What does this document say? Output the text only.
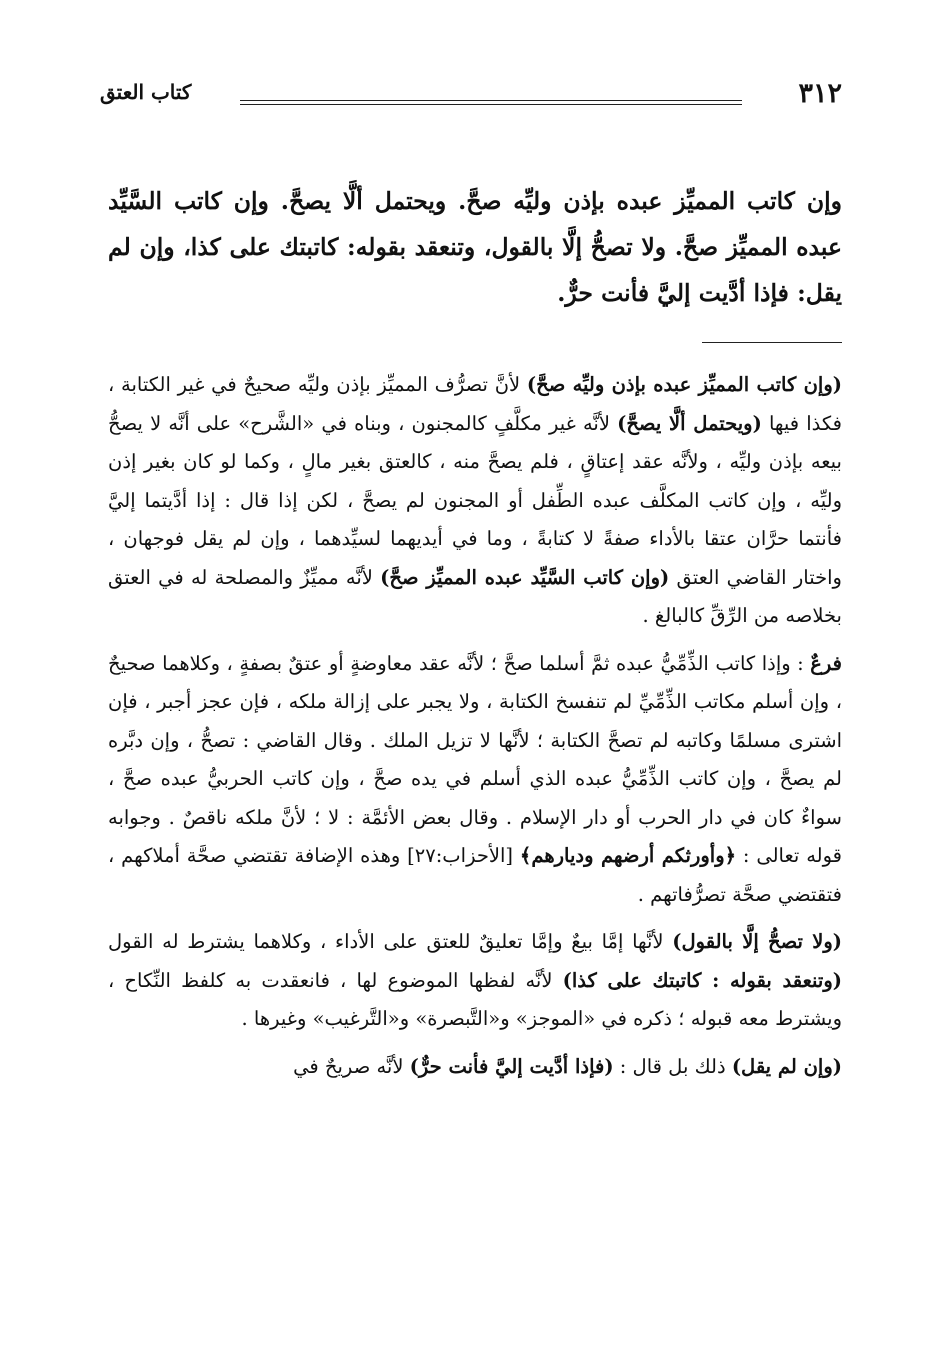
٣١٢
كتاب العتق
وإن كاتب المميِّز عبده بإذن وليِّه صحَّ. ويحتمل ألَّا يصحَّ. وإن كاتب السَّيِّد عبده المميِّز صحَّ. ولا تصحُّ إلَّا بالقول، وتنعقد بقوله: كاتبتك على كذا، وإن لم يقل: فإذا أدَّيت إليَّ فأنت حرٌّ.

(وإن كاتب المميِّز عبده بإذن وليِّه صحَّ) لأنَّ تصرُّف المميِّز بإذن وليِّه صحيحٌ في غير الكتابة ، فكذا فيها (ويحتمل ألَّا يصحَّ) لأنَّه غير مكلَّفٍ كالمجنون ، وبناه في «الشَّرح» على أنَّه لا يصحُّ بيعه بإذن وليِّه ، ولأنَّه عقد إعتاقٍ ، فلم يصحَّ منه ، كالعتق بغير مالٍ ، وكما لو كان بغير إذن وليِّه ، وإن كاتب المكلَّف عبده الطِّفل أو المجنون لم يصحَّ ، لكن إذا قال : إذا أدَّيتما إليَّ فأنتما حرَّان عتقا بالأداء صفةً لا كتابةً ، وما في أيديهما لسيِّدهما ، وإن لم يقل فوجهان ، واختار القاضي العتق (وإن كاتب السَّيِّد عبده المميِّز صحَّ) لأنَّه مميِّزٌ والمصلحة له في العتق بخلاصه من الرِّقِّ كالبالغ .

فرعٌ : وإذا كاتب الذِّمِّيُّ عبده ثمَّ أسلما صحَّ ؛ لأنَّه عقد معاوضةٍ أو عتقٌ بصفةٍ ، وكلاهما صحيحٌ ، وإن أسلم مكاتب الذِّمِّيِّ لم تنفسخ الكتابة ، ولا يجبر على إزالة ملكه ، فإن عجز أجبر ، فإن اشترى مسلمًا وكاتبه لم تصحَّ الكتابة ؛ لأنَّها لا تزيل الملك . وقال القاضي : تصحُّ ، وإن دبَّره لم يصحَّ ، وإن كاتب الذِّمِّيُّ عبده الذي أسلم في يده صحَّ ، وإن كاتب الحربيُّ عبده صحَّ ، سواءٌ كان في دار الحرب أو دار الإسلام . وقال بعض الأئمَّة : لا ؛ لأنَّ ملكه ناقصٌ . وجوابه قوله تعالى : ﴿وأورثكم أرضهم وديارهم﴾ [الأحزاب:٢٧] وهذه الإضافة تقتضي صحَّة أملاكهم ، فتقتضي صحَّة تصرُّفاتهم .

(ولا تصحُّ إلَّا بالقول) لأنَّها إمَّا بيعٌ وإمَّا تعليقٌ للعتق على الأداء ، وكلاهما يشترط له القول (وتنعقد بقوله : كاتبتك على كذا) لأنَّه لفظها الموضوع لها ، فانعقدت به كلفظ النِّكاح ، ويشترط معه قبوله ؛ ذكره في «الموجز» و«التَّبصرة» و«التَّرغيب» وغيرها .

(وإن لم يقل) ذلك بل قال : (فإذا أدَّيت إليَّ فأنت حرٌّ) لأنَّه صريحٌ في
